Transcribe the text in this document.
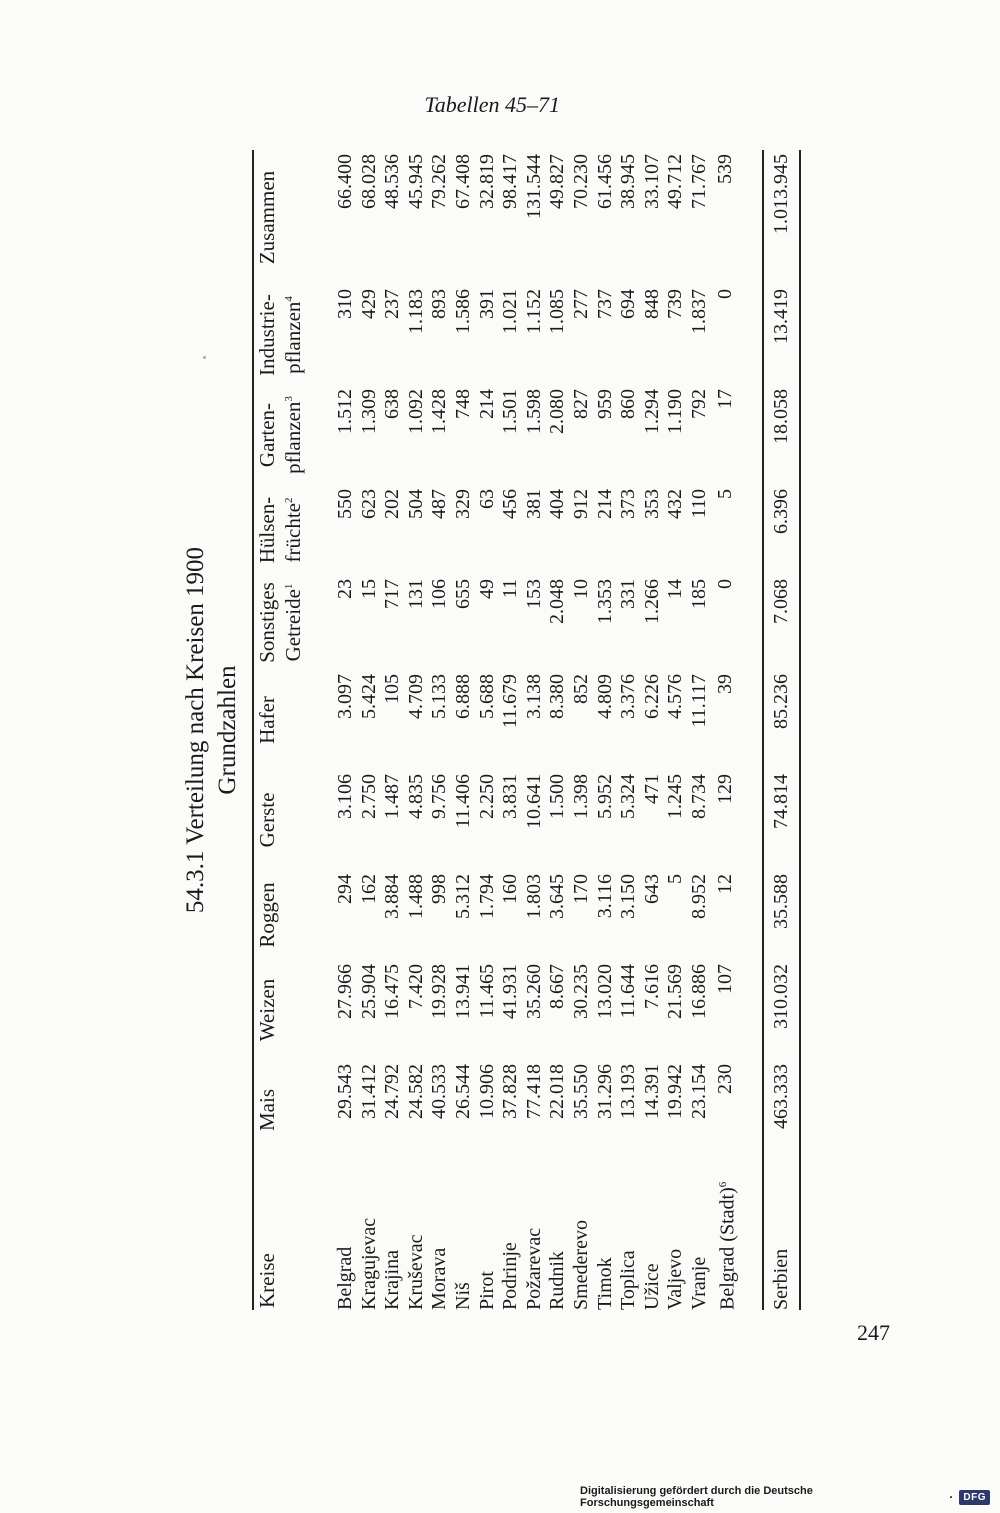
Tabellen 45–71
54.3.1 Verteilung nach Kreisen 1900 Grundzahlen
Kreise	Mais	Weizen	Roggen	Gerste	Hafer	Sonstiges Getreide$^1$	Hülsen-früchte$^2$	Garten-pflanzen$^3$	Industrie-pflanzen$^4$	Zusammen
Belgrad	29.543	27.966	294	3.106	3.097	23	550	1.512	310	66.400
Kragujevac	31.412	25.904	162	2.750	5.424	15	623	1.309	429	68.028
Krajina	24.792	16.475	3.884	1.487	105	717	202	638	237	48.536
Kruševac	24.582	7.420	1.488	4.835	4.709	131	504	1.092	1.183	45.945
Morava	40.533	19.928	998	9.756	5.133	106	487	1.428	893	79.262
Niš	26.544	13.941	5.312	11.406	6.888	655	329	748	1.586	67.408
Pirot	10.906	11.465	1.794	2.250	5.688	49	63	214	391	32.819
Podrinje	37.828	41.931	160	3.831	11.679	11	456	1.501	1.021	98.417
Požarevac	77.418	35.260	1.803	10.641	3.138	153	381	1.598	1.152	131.544
Rudnik	22.018	8.667	3.645	1.500	8.380	2.048	404	2.080	1.085	49.827
Smederevo	35.550	30.235	170	1.398	852	10	912	827	277	70.230
Timok	31.296	13.020	3.116	5.952	4.809	1.353	214	959	737	61.456
Toplica	13.193	11.644	3.150	5.324	3.376	331	373	860	694	38.945
Užice	14.391	7.616	643	471	6.226	1.266	353	1.294	848	33.107
Valjevo	19.942	21.569	5	1.245	4.576	14	432	1.190	739	49.712
Vranje	23.154	16.886	8.952	8.734	11.117	185	110	792	1.837	71.767
Belgrad (Stadt)$^6$	230	107	12	129	39	0	5	17	0	539

Serbien	463.333	310.032	35.588	74.814	85.236	7.068	6.396	18.058	13.419	1.013.945
247
Digitalisierung gefördert durch die Deutsche Forschungsgemeinschaft	·	DFG
